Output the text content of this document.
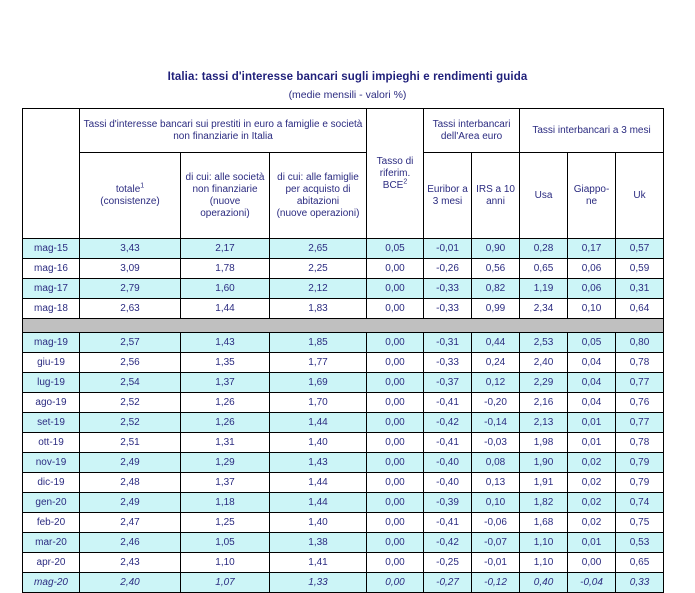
Italia: tassi d'interesse bancari sugli impieghi e rendimenti guida
(medie mensili - valori %)
	Tassi d'interesse bancari sui prestiti in euro a famiglie e società non finanziarie in Italia			Tasso di
riferim. BCE$^2$	Tassi interbancari dell'Area euro		Tassi interbancari a 3 mesi		
	totale$^1$
(consistenze)	di cui: alle società
non finanziarie
(nuove operazioni)	di cui: alle famiglie
per acquisto di
abitazioni
(nuove operazioni)		Euribor a
3 mesi	IRS a 10
anni	Usa	Giappo-
ne	Uk
mag-15	3,43	2,17	2,65	0,05	-0,01	0,90	0,28	0,17	0,57
mag-16	3,09	1,78	2,25	0,00	-0,26	0,56	0,65	0,06	0,59
mag-17	2,79	1,60	2,12	0,00	-0,33	0,82	1,19	0,06	0,31
mag-18	2,63	1,44	1,83	0,00	-0,33	0,99	2,34	0,10	0,64

mag-19	2,57	1,43	1,85	0,00	-0,31	0,44	2,53	0,05	0,80
giu-19	2,56	1,35	1,77	0,00	-0,33	0,24	2,40	0,04	0,78
lug-19	2,54	1,37	1,69	0,00	-0,37	0,12	2,29	0,04	0,77
ago-19	2,52	1,26	1,70	0,00	-0,41	-0,20	2,16	0,04	0,76
set-19	2,52	1,26	1,44	0,00	-0,42	-0,14	2,13	0,01	0,77
ott-19	2,51	1,31	1,40	0,00	-0,41	-0,03	1,98	0,01	0,78
nov-19	2,49	1,29	1,43	0,00	-0,40	0,08	1,90	0,02	0,79
dic-19	2,48	1,37	1,44	0,00	-0,40	0,13	1,91	0,02	0,79
gen-20	2,49	1,18	1,44	0,00	-0,39	0,10	1,82	0,02	0,74
feb-20	2,47	1,25	1,40	0,00	-0,41	-0,06	1,68	0,02	0,75
mar-20	2,46	1,05	1,38	0,00	-0,42	-0,07	1,10	0,01	0,53
apr-20	2,43	1,10	1,41	0,00	-0,25	-0,01	1,10	0,00	0,65
mag-20	2,40	1,07	1,33	0,00	-0,27	-0,12	0,40	-0,04	0,33
